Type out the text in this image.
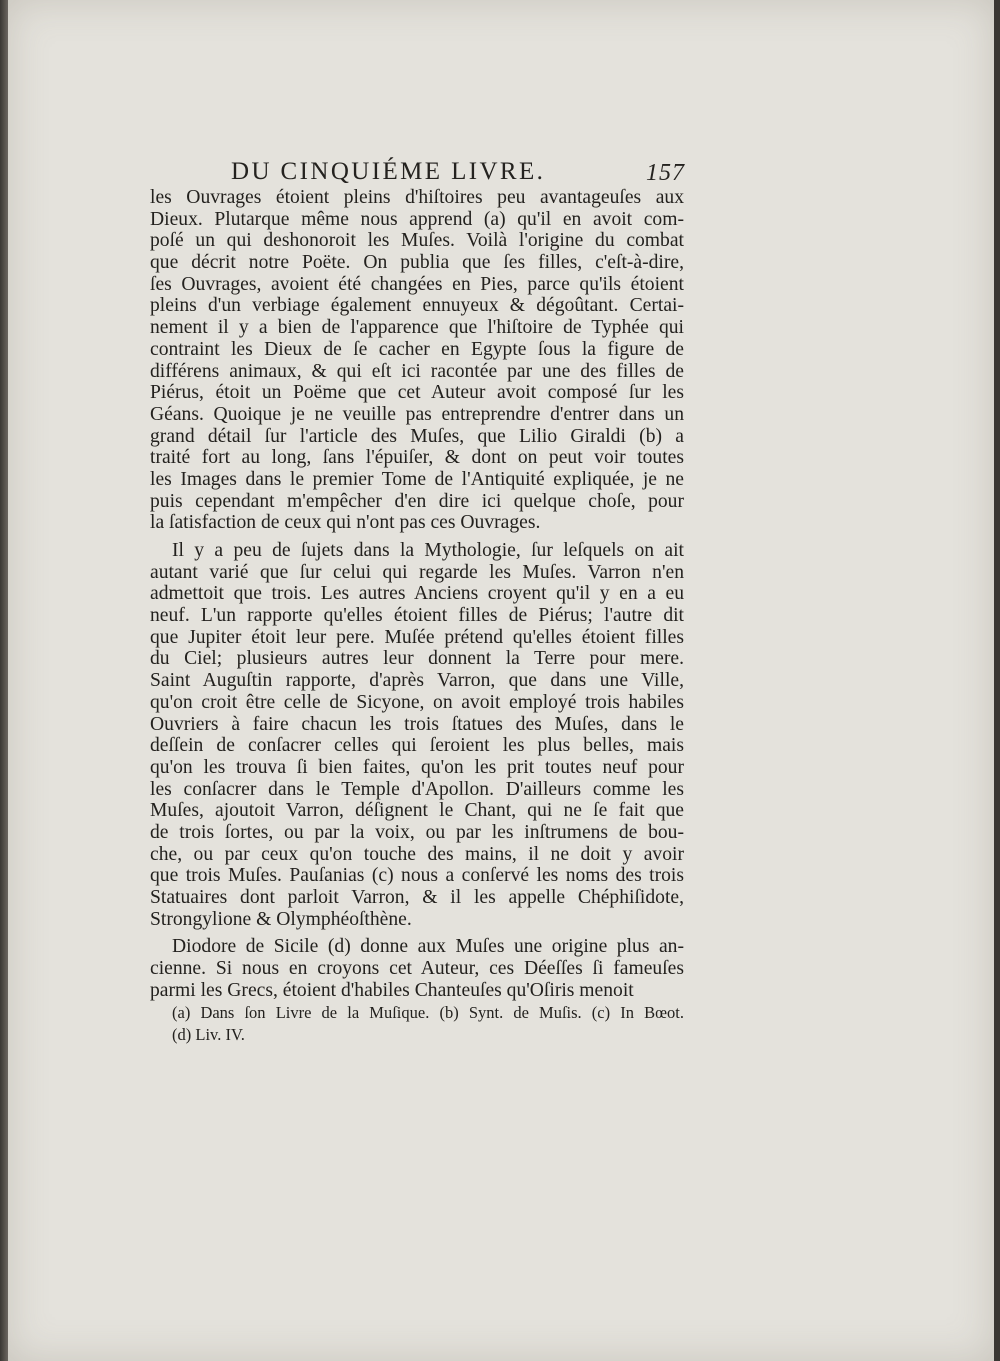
DU CINQUIÉME LIVRE.	157
les Ouvrages étoient pleins d'hiſtoires peu avantageuſes aux
Dieux. Plutarque même nous apprend (a) qu'il en avoit com-
poſé un qui deshonoroit les Muſes. Voilà l'origine du combat
que décrit notre Poëte. On publia que ſes filles, c'eſt-à-dire,
ſes Ouvrages, avoient été changées en Pies, parce qu'ils étoient
pleins d'un verbiage également ennuyeux & dégoûtant. Certai-
nement il y a bien de l'apparence que l'hiſtoire de Typhée qui
contraint les Dieux de ſe cacher en Egypte ſous la figure de
différens animaux, & qui eſt ici racontée par une des filles de
Piérus, étoit un Poëme que cet Auteur avoit composé ſur les
Géans. Quoique je ne veuille pas entreprendre d'entrer dans un
grand détail ſur l'article des Muſes, que Lilio Giraldi (b) a
traité fort au long, ſans l'épuiſer, & dont on peut voir toutes
les Images dans le premier Tome de l'Antiquité expliquée, je ne
puis cependant m'empêcher d'en dire ici quelque choſe, pour
la ſatisfaction de ceux qui n'ont pas ces Ouvrages.
Il y a peu de ſujets dans la Mythologie, ſur leſquels on ait
autant varié que ſur celui qui regarde les Muſes. Varron n'en
admettoit que trois. Les autres Anciens croyent qu'il y en a eu
neuf. L'un rapporte qu'elles étoient filles de Piérus; l'autre dit
que Jupiter étoit leur pere. Muſée prétend qu'elles étoient filles
du Ciel; plusieurs autres leur donnent la Terre pour mere.
Saint Auguſtin rapporte, d'après Varron, que dans une Ville,
qu'on croit être celle de Sicyone, on avoit employé trois habiles
Ouvriers à faire chacun les trois ſtatues des Muſes, dans le
deſſein de conſacrer celles qui ſeroient les plus belles, mais
qu'on les trouva ſi bien faites, qu'on les prit toutes neuf pour
les conſacrer dans le Temple d'Apollon. D'ailleurs comme les
Muſes, ajoutoit Varron, déſignent le Chant, qui ne ſe fait que
de trois ſortes, ou par la voix, ou par les inſtrumens de bou-
che, ou par ceux qu'on touche des mains, il ne doit y avoir
que trois Muſes. Pauſanias (c) nous a conſervé les noms des trois
Statuaires dont parloit Varron, & il les appelle Chéphiſidote,
Strongylione & Olymphéoſthène.
Diodore de Sicile (d) donne aux Muſes une origine plus an-
cienne. Si nous en croyons cet Auteur, ces Déeſſes ſi fameuſes
parmi les Grecs, étoient d'habiles Chanteuſes qu'Oſiris menoit
(a) Dans ſon Livre de la Muſique. (b) Synt. de Muſis. (c) In Bœot.
(d) Liv. IV.
